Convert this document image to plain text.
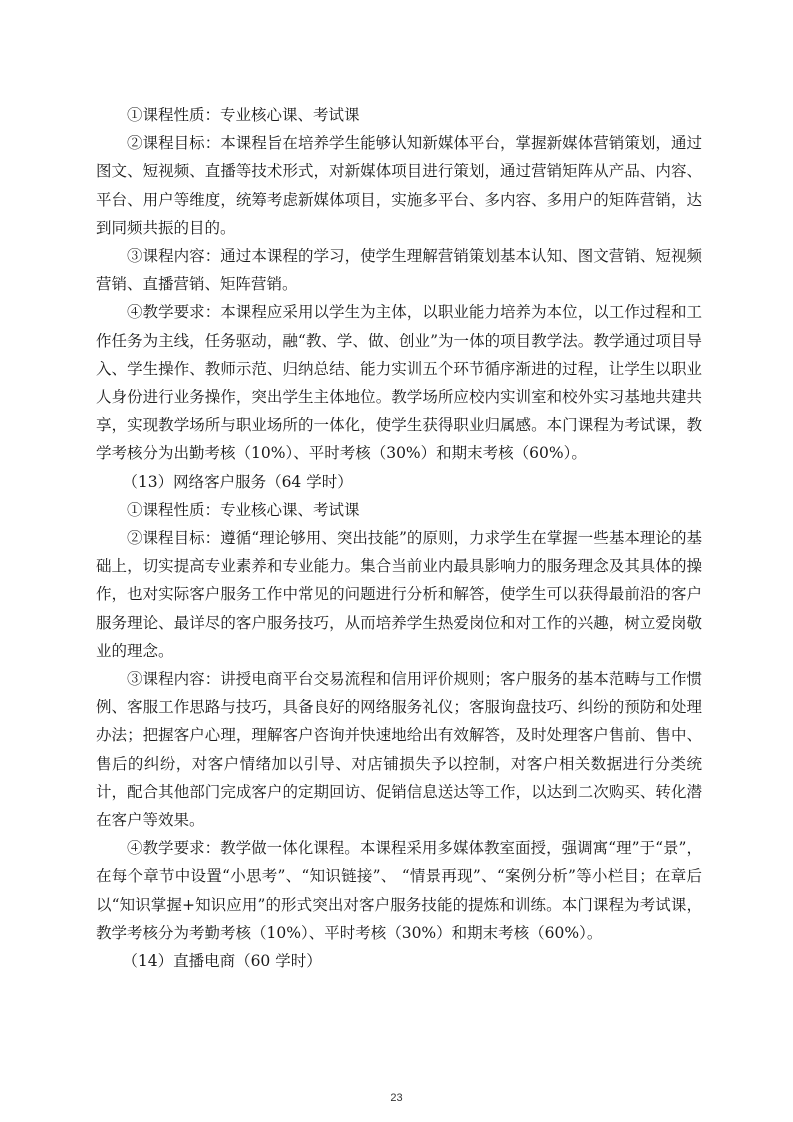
①课程性质：专业核心课、考试课

②课程目标：本课程旨在培养学生能够认知新媒体平台，掌握新媒体营销策划，通过图文、短视频、直播等技术形式，对新媒体项目进行策划，通过营销矩阵从产品、内容、平台、用户等维度，统筹考虑新媒体项目，实施多平台、多内容、多用户的矩阵营销，达到同频共振的目的。

③课程内容：通过本课程的学习，使学生理解营销策划基本认知、图文营销、短视频营销、直播营销、矩阵营销。

④教学要求：本课程应采用以学生为主体，以职业能力培养为本位，以工作过程和工作任务为主线，任务驱动，融“教、学、做、创业”为一体的项目教学法。教学通过项目导入、学生操作、教师示范、归纳总结、能力实训五个环节循序渐进的过程，让学生以职业人身份进行业务操作，突出学生主体地位。教学场所应校内实训室和校外实习基地共建共享，实现教学场所与职业场所的一体化，使学生获得职业归属感。本门课程为考试课，教学考核分为出勤考核（10%）、平时考核（30%）和期末考核（60%）。

（13）网络客户服务（64 学时）

①课程性质：专业核心课、考试课

②课程目标：遵循“理论够用、突出技能”的原则，力求学生在掌握一些基本理论的基础上，切实提高专业素养和专业能力。集合当前业内最具影响力的服务理念及其具体的操作，也对实际客户服务工作中常见的问题进行分析和解答，使学生可以获得最前沿的客户服务理论、最详尽的客户服务技巧，从而培养学生热爱岗位和对工作的兴趣，树立爱岗敬业的理念。

③课程内容：讲授电商平台交易流程和信用评价规则；客户服务的基本范畴与工作惯例、客服工作思路与技巧，具备良好的网络服务礼仪；客服询盘技巧、纠纷的预防和处理办法；把握客户心理，理解客户咨询并快速地给出有效解答，及时处理客户售前、售中、售后的纠纷，对客户情绪加以引导、对店铺损失予以控制，对客户相关数据进行分类统计，配合其他部门完成客户的定期回访、促销信息送达等工作，以达到二次购买、转化潜在客户等效果。

④教学要求：教学做一体化课程。本课程采用多媒体教室面授，强调寓“理”于“景”，在每个章节中设置“小思考”、“知识链接”、 “情景再现”、“案例分析”等小栏目；在章后以“知识掌握+知识应用”的形式突出对客户服务技能的提炼和训练。本门课程为考试课，教学考核分为考勤考核（10%）、平时考核（30%）和期末考核（60%）。

（14）直播电商（60 学时）

23
